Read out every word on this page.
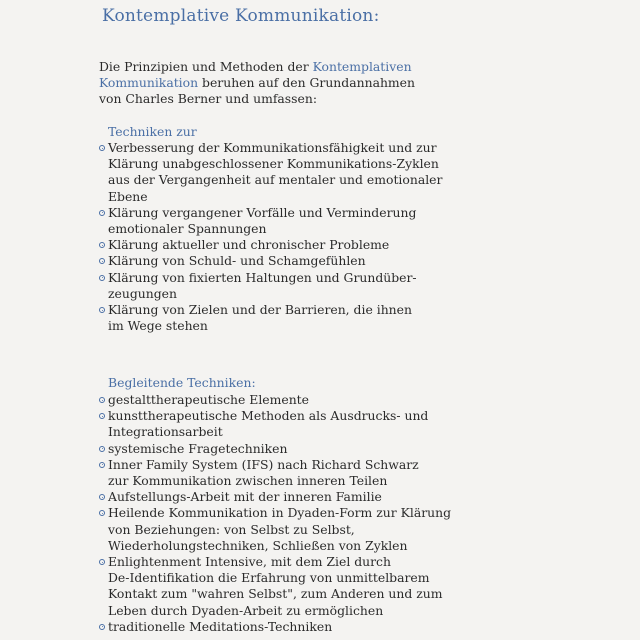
Kontemplative Kommunikation:
Die Prinzipien und Methoden der Kontemplativen
Kommunikation beruhen auf den Grundannahmen
von Charles Berner und umfassen:
Techniken zur
Verbesserung der Kommunikationsfähigkeit und zur
Klärung unabgeschlossener Kommunikations-Zyklen
aus der Vergangenheit auf mentaler und emotionaler
Ebene
Klärung vergangener Vorfälle und Verminderung
emotionaler Spannungen
Klärung aktueller und chronischer Probleme
Klärung von Schuld- und Schamgefühlen
Klärung von fixierten Haltungen und Grundüber-
zeugungen
Klärung von Zielen und der Barrieren, die ihnen
im Wege stehen
Begleitende Techniken:
gestalttherapeutische Elemente
kunsttherapeutische Methoden als Ausdrucks- und
Integrationsarbeit
systemische Fragetechniken
Inner Family System (IFS) nach Richard Schwarz
zur Kommunikation zwischen inneren Teilen
Aufstellungs-Arbeit mit der inneren Familie
Heilende Kommunikation in Dyaden-Form zur Klärung
von Beziehungen: von Selbst zu Selbst,
Wiederholungstechniken, Schließen von Zyklen
Enlightenment Intensive, mit dem Ziel durch
De-Identifikation die Erfahrung von unmittelbarem
Kontakt zum "wahren Selbst", zum Anderen und zum
Leben durch Dyaden-Arbeit zu ermöglichen
traditionelle Meditations-Techniken
